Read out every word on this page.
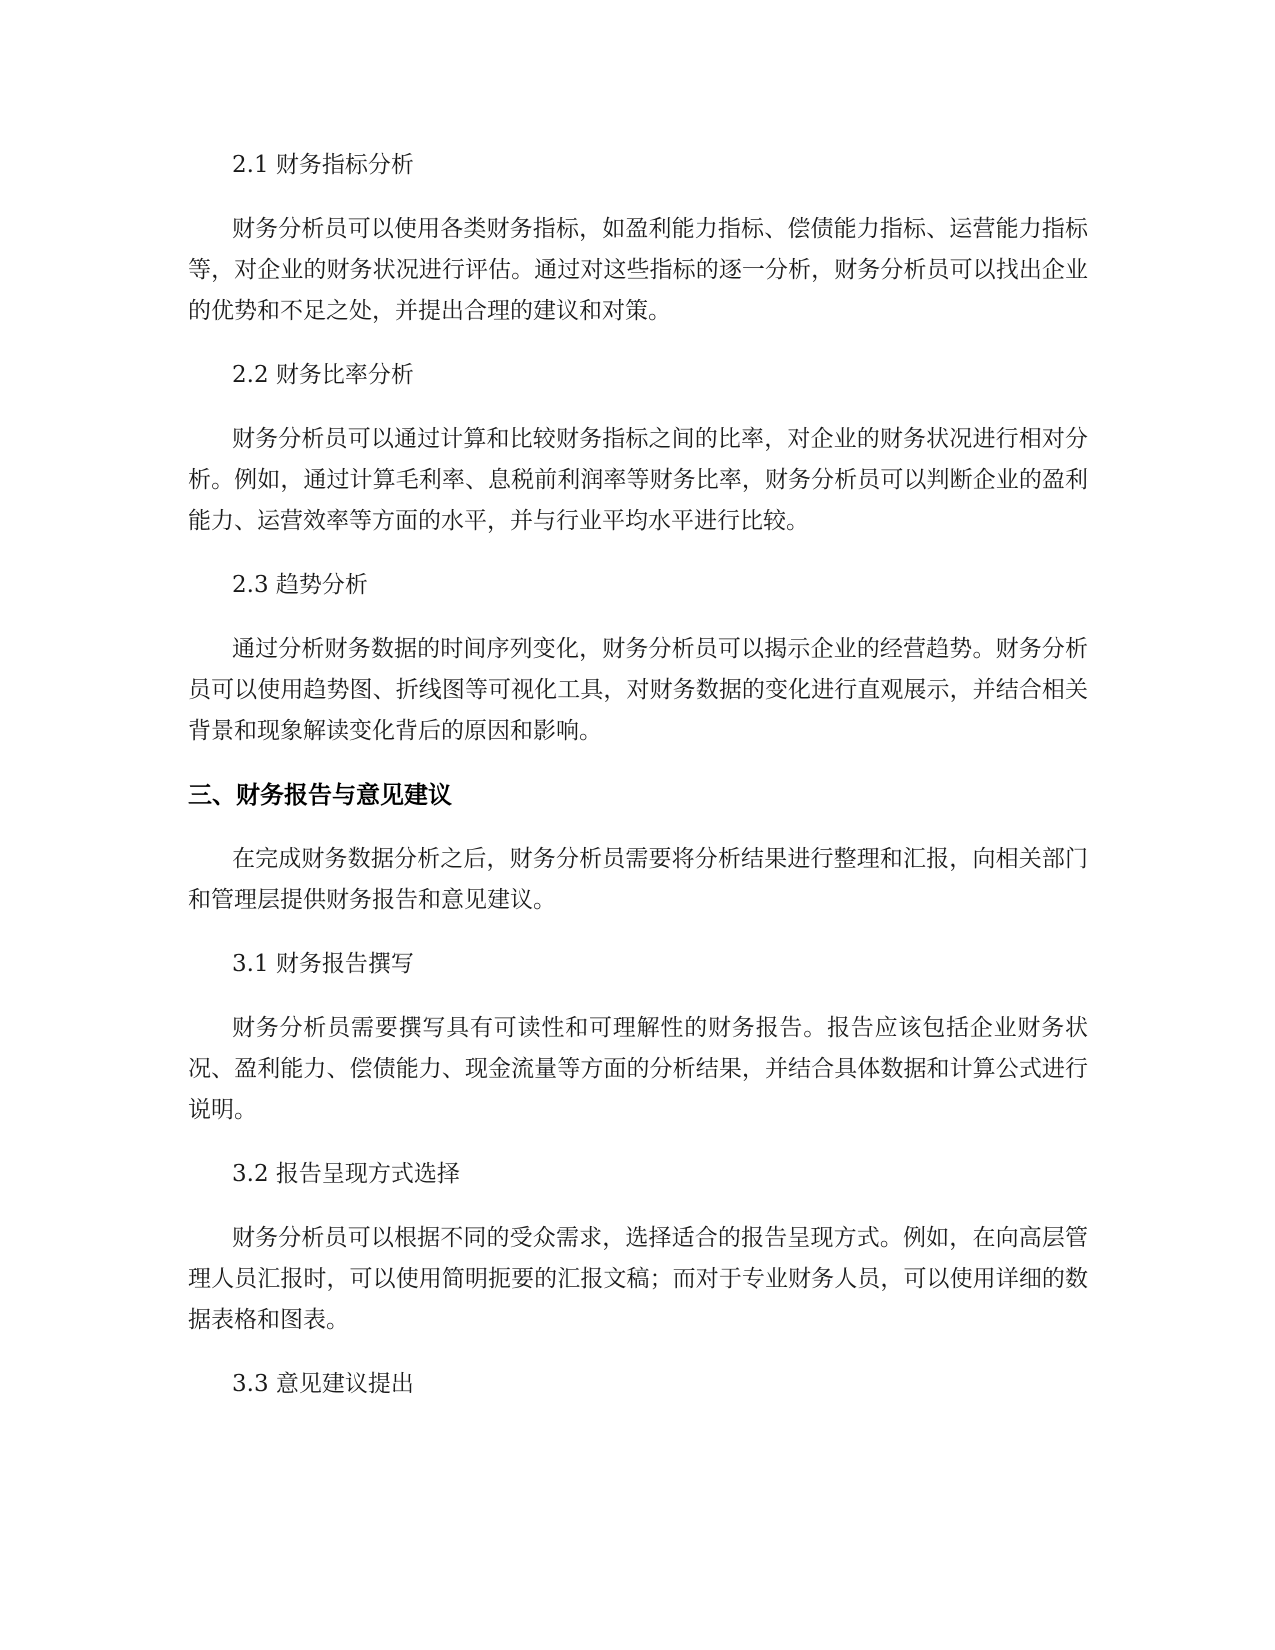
2.1 财务指标分析
财务分析员可以使用各类财务指标，如盈利能力指标、偿债能力指标、运营能力指标等，对企业的财务状况进行评估。通过对这些指标的逐一分析，财务分析员可以找出企业的优势和不足之处，并提出合理的建议和对策。
2.2 财务比率分析
财务分析员可以通过计算和比较财务指标之间的比率，对企业的财务状况进行相对分析。例如，通过计算毛利率、息税前利润率等财务比率，财务分析员可以判断企业的盈利能力、运营效率等方面的水平，并与行业平均水平进行比较。
2.3 趋势分析
通过分析财务数据的时间序列变化，财务分析员可以揭示企业的经营趋势。财务分析员可以使用趋势图、折线图等可视化工具，对财务数据的变化进行直观展示，并结合相关背景和现象解读变化背后的原因和影响。
三、财务报告与意见建议
在完成财务数据分析之后，财务分析员需要将分析结果进行整理和汇报，向相关部门和管理层提供财务报告和意见建议。
3.1 财务报告撰写
财务分析员需要撰写具有可读性和可理解性的财务报告。报告应该包括企业财务状况、盈利能力、偿债能力、现金流量等方面的分析结果，并结合具体数据和计算公式进行说明。
3.2 报告呈现方式选择
财务分析员可以根据不同的受众需求，选择适合的报告呈现方式。例如，在向高层管理人员汇报时，可以使用简明扼要的汇报文稿；而对于专业财务人员，可以使用详细的数据表格和图表。
3.3 意见建议提出
